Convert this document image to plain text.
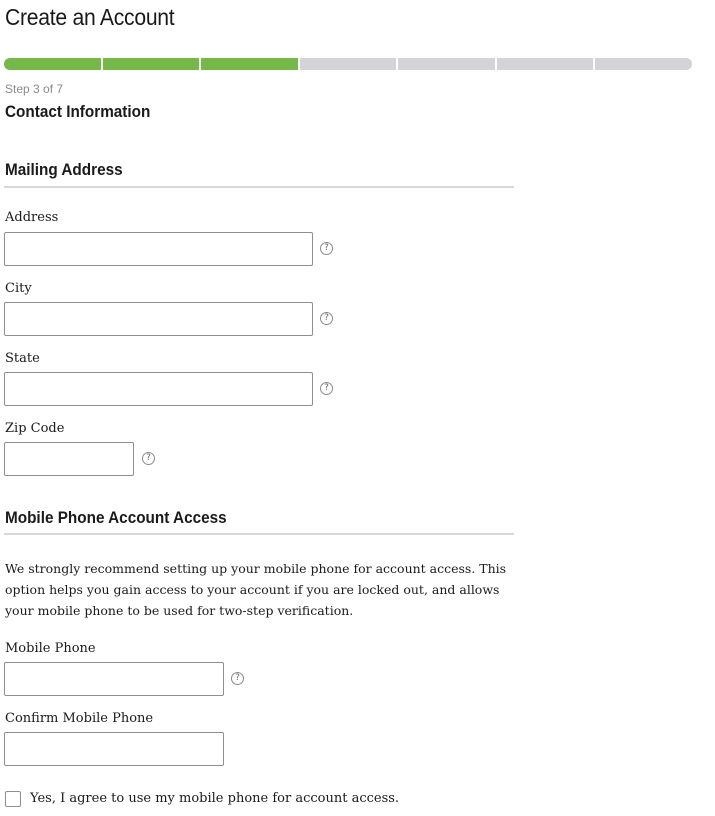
Create an Account
Step 3 of 7
Contact Information
Mailing Address
Address
?
City
?
State
?
Zip Code
?
Mobile Phone Account Access

We strongly recommend setting up your mobile phone for account access. This option helps you gain access to your account if you are locked out, and allows your mobile phone to be used for two-step verification.

Mobile Phone
?
Confirm Mobile Phone
Yes, I agree to use my mobile phone for account access.
